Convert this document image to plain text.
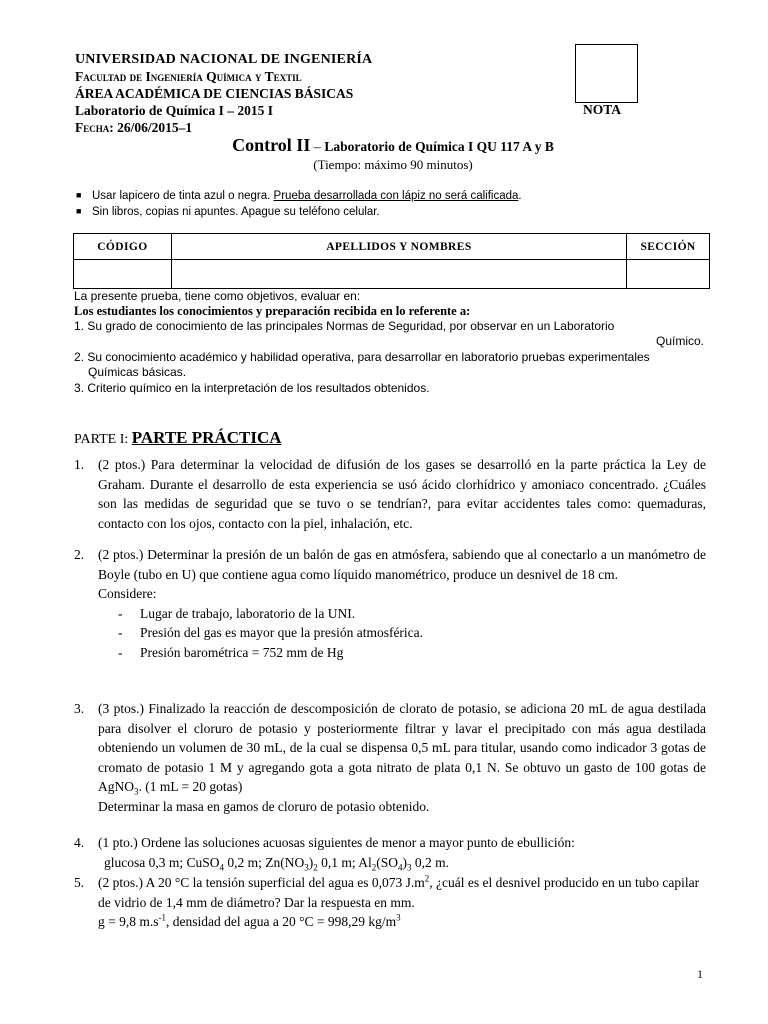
UNIVERSIDAD NACIONAL DE INGENIERÍA
Facultad de Ingeniería Química y Textil
ÁREA ACADÉMICA DE CIENCIAS BÁSICAS
Laboratorio de Química I – 2015 I
Fecha: 26/06/2015–1
NOTA
Control II – Laboratorio de Química I QU 117 A y B
(Tiempo: máximo 90 minutos)
■ Usar lapicero de tinta azul o negra. Prueba desarrollada con lápiz no será calificada.
■ Sin libros, copias ni apuntes. Apague su teléfono celular.
CÓDIGO	APELLIDOS Y NOMBRES	SECCIÓN

La presente prueba, tiene como objetivos, evaluar en:
Los estudiantes los conocimientos y preparación recibida en lo referente a:
1. Su grado de conocimiento de las principales Normas de Seguridad, por observar en un Laboratorio
Químico.
2. Su conocimiento académico y habilidad operativa, para desarrollar en laboratorio pruebas experimentales
Químicas básicas.
3. Criterio químico en la interpretación de los resultados obtenidos.
PARTE I: PARTE PRÁCTICA
1. (2 ptos.) Para determinar la velocidad de difusión de los gases se desarrolló en la parte práctica la Ley de Graham. Durante el desarrollo de esta experiencia se usó ácido clorhídrico y amoniaco concentrado. ¿Cuáles son las medidas de seguridad que se tuvo o se tendrían?, para evitar accidentes tales como: quemaduras, contacto con los ojos, contacto con la piel, inhalación, etc.
2. (2 ptos.) Determinar la presión de un balón de gas en atmósfera, sabiendo que al conectarlo a un manómetro de Boyle (tubo en U) que contiene agua como líquido manométrico, produce un desnivel de 18 cm.
Considere:
- Lugar de trabajo, laboratorio de la UNI.
- Presión del gas es mayor que la presión atmosférica.
- Presión barométrica = 752 mm de Hg
3. (3 ptos.) Finalizado la reacción de descomposición de clorato de potasio, se adiciona 20 mL de agua destilada para disolver el cloruro de potasio y posteriormente filtrar y lavar el precipitado con más agua destilada obteniendo un volumen de 30 mL, de la cual se dispensa 0,5 mL para titular, usando como indicador 3 gotas de cromato de potasio 1 M y agregando gota a gota nitrato de plata 0,1 N. Se obtuvo un gasto de 100 gotas de AgNO$_3$. (1 mL = 20 gotas)
Determinar la masa en gamos de cloruro de potasio obtenido.
4. (1 pto.) Ordene las soluciones acuosas siguientes de menor a mayor punto de ebullición:
glucosa 0,3 m; CuSO$_4$ 0,2 m; $Zn(NO_3)_2$ 0,1 m; $Al_2(SO_4)_3$ 0,2 m.
5. (2 ptos.) A 20 °C la tensión superficial del agua es 0,073 $J.m^2$, ¿cuál es el desnivel producido en un tubo capilar de vidrio de 1,4 mm de diámetro? Dar la respuesta en mm.
g = 9,8 $m.s^{-1}$, densidad del agua a 20 °C = 998,29 $kg/m^3$
1
